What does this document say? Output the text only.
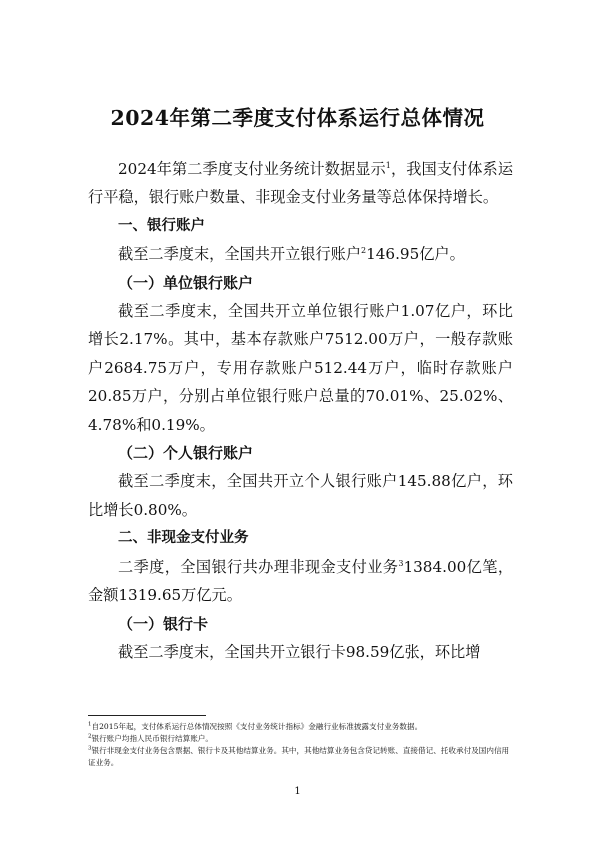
2024年第二季度支付体系运行总体情况

2024年第二季度支付业务统计数据显示$^1$，我国支付体系运行平稳，银行账户数量、非现金支付业务量等总体保持增长。

一、银行账户

截至二季度末，全国共开立银行账户$^2$146.95亿户。

（一）单位银行账户

截至二季度末，全国共开立单位银行账户1.07亿户，环比增长2.17%。其中，基本存款账户7512.00万户，一般存款账户2684.75万户，专用存款账户512.44万户，临时存款账户20.85万户，分别占单位银行账户总量的70.01%、25.02%、4.78%和0.19%。

（二）个人银行账户

截至二季度末，全国共开立个人银行账户145.88亿户，环比增长0.80%。

二、非现金支付业务

二季度，全国银行共办理非现金支付业务$^3$1384.00亿笔，金额1319.65万亿元。

（一）银行卡

截至二季度末，全国共开立银行卡98.59亿张，环比增

$^1$自2015年起，支付体系运行总体情况按照《支付业务统计指标》金融行业标准披露支付业务数据。

$^2$银行账户均指人民币银行结算账户。

$^3$银行非现金支付业务包含票据、银行卡及其他结算业务。其中，其他结算业务包含贷记转账、直接借记、托收承付及国内信用证业务。

1
